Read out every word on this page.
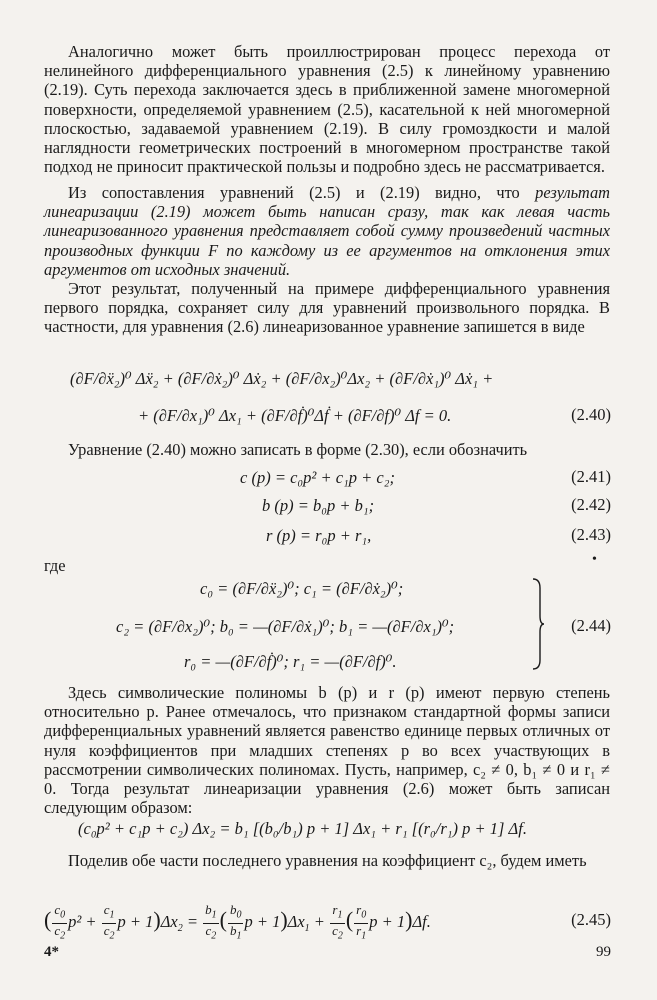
Аналогично может быть проиллюстрирован процесс перехода от нелинейного дифференциального уравнения (2.5) к линейному уравнению (2.19). Суть перехода заключается здесь в приближенной замене многомерной поверхности, определяемой уравнением (2.5), касательной к ней многомерной плоскостью, задаваемой уравнением (2.19). В силу громоздкости и малой наглядности геометрических построений в многомерном пространстве такой подход не приносит практической пользы и подробно здесь не рассматривается.
Из сопоставления уравнений (2.5) и (2.19) видно, что результат линеаризации (2.19) может быть написан сразу, так как левая часть линеаризованного уравнения представляет собой сумму произведений частных производных функции F по каждому из ее аргументов на отклонения этих аргументов от исходных значений.
Этот результат, полученный на примере дифференциального уравнения первого порядка, сохраняет силу для уравнений произвольного порядка. В частности, для уравнения (2.6) линеаризованное уравнение запишется в виде
(∂F/∂ẍ₂)⁰ Δẍ₂ + (∂F/∂ẋ₂)⁰ Δẋ₂ + (∂F/∂x₂)⁰Δx₂ + (∂F/∂ẋ₁)⁰ Δẋ₁ +
+ (∂F/∂x₁)⁰ Δx₁ + (∂F/∂ḟ)⁰Δḟ + (∂F/∂f)⁰ Δf = 0.	(2.40)
Уравнение (2.40) можно записать в форме (2.30), если обозначить
c (p) = c₀p² + c₁p + c₂;	(2.41)
b (p) = b₀p + b₁;	(2.42)
r (p) = r₀p + r₁,	(2.43)
•
где
c₀ = (∂F/∂ẍ₂)⁰; c₁ = (∂F/∂ẋ₂)⁰;
c₂ = (∂F/∂x₂)⁰; b₀ = —(∂F/∂ẋ₁)⁰; b₁ = —(∂F/∂x₁)⁰;
r₀ = —(∂F/∂ḟ)⁰; r₁ = —(∂F/∂f)⁰.
(2.44)
Здесь символические полиномы b (p) и r (p) имеют первую степень относительно p. Ранее отмечалось, что признаком стандартной формы записи дифференциальных уравнений является равенство единице первых отличных от нуля коэффициентов при младших степенях p во всех участвующих в рассмотрении символических полиномах. Пусть, например, c₂ ≠ 0, b₁ ≠ 0 и r₁ ≠ 0. Тогда результат линеаризации уравнения (2.6) может быть записан следующим образом:
(c₀p² + c₁p + c₂) Δx₂ = b₁ [(b₀/b₁) p + 1] Δx₁ + r₁ [(r₀/r₁) p + 1] Δf.
Поделив обе части последнего уравнения на коэффициент c₂, будем иметь
( $\frac{c_0}{c_2} p^2 + \frac{c_1}{c_2}$ $p + 1)\Delta x_2 = \frac{b_1}{c_2}$ ( $\frac{b_0}{b_1}$ $p + 1)\Delta x_1 + \frac{r_1}{c_2}$ ( $\frac{r_0}{r_1}$ p + 1)Δf.	(2.45)
4*	99
